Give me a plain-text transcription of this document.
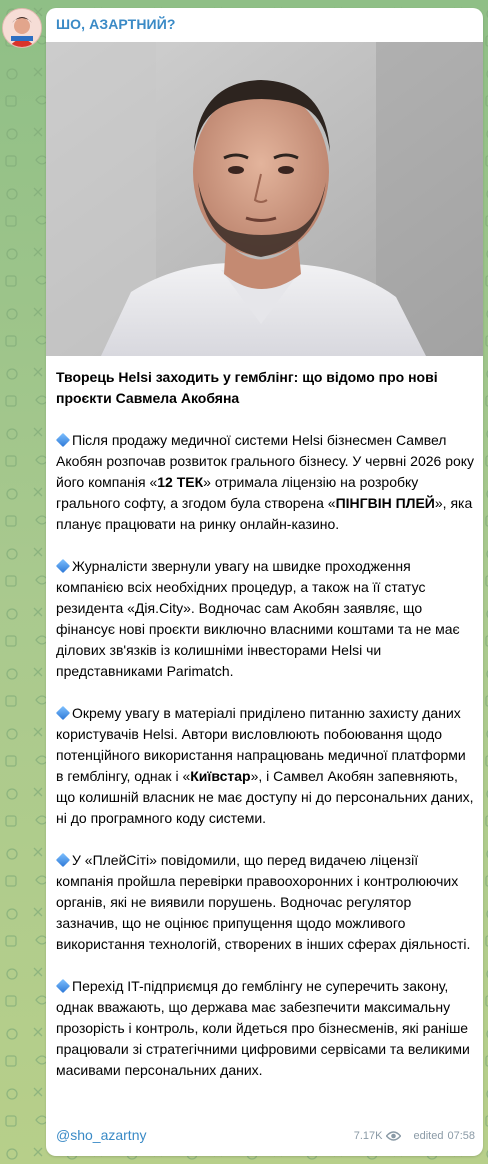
ШО, АЗАРТНИЙ?

Творець Helsi заходить у гемблінг: що відомо про нові проєкти Савмела Акобяна

Після продажу медичної системи Helsi бізнесмен Самвел Акобян розпочав розвиток грального бізнесу. У червні 2026 року його компанія «12 ТЕК» отримала ліцензію на розробку грального софту, а згодом була створена «ПІНГВІН ПЛЕЙ», яка планує працювати на ринку онлайн-казино.

Журналісти звернули увагу на швидке проходження компанією всіх необхідних процедур, а також на її статус резидента «Дія.City». Водночас сам Акобян заявляє, що фінансує нові проєкти виключно власними коштами та не має ділових зв'язків із колишніми інвесторами Helsi чи представниками Parimatch.

Окрему увагу в матеріалі приділено питанню захисту даних користувачів Helsi. Автори висловлюють побоювання щодо потенційного використання напрацювань медичної платформи в гемблінгу, однак і «Київстар», і Самвел Акобян запевняють, що колишній власник не має доступу ні до персональних даних, ні до програмного коду системи.

У «ПлейСіті» повідомили, що перед видачею ліцензії компанія пройшла перевірки правоохоронних і контролюючих органів, які не виявили порушень. Водночас регулятор зазначив, що не оцінює припущення щодо можливого використання технологій, створених в інших сферах діяльності.

Перехід IT-підприємця до гемблінгу не суперечить закону, однак вважають, що держава має забезпечити максимальну прозорість і контроль, коли йдеться про бізнесменів, які раніше працювали зі стратегічними цифровими сервісами та великими масивами персональних даних.

@sho_azartny	7.17K	edited 07:58
